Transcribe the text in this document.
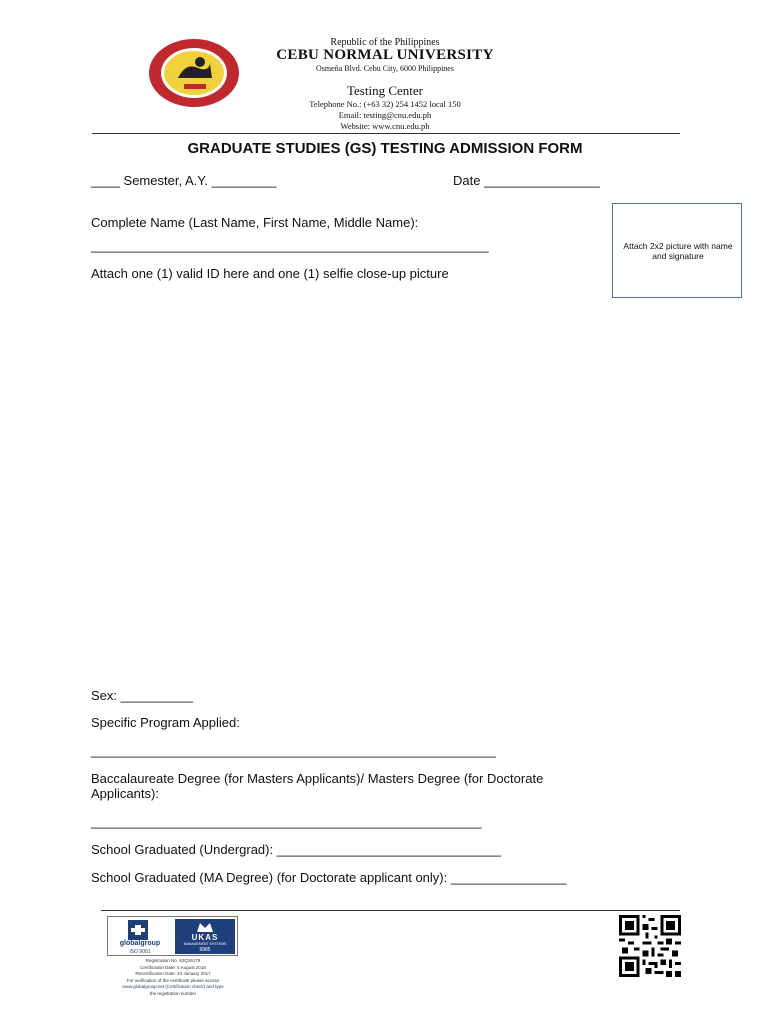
Republic of the Philippines
CEBU NORMAL UNIVERSITY
Osmeña Blvd. Cebu City, 6000 Philippines
Testing Center
Telephone No.: (+63 32) 254 1452 local 150
Email: testing@cnu.edu.ph
Website: www.cnu.edu.ph
GRADUATE STUDIES (GS) TESTING ADMISSION FORM
____ Semester, A.Y. _________	Date ________________
Complete Name (Last Name, First Name, Middle Name):
_______________________________________________________
Attach one (1) valid ID here and one (1) selfie close-up picture
Attach 2x2 picture with name and signature
Sex: __________
Specific Program Applied:
________________________________________________________
Baccalaureate Degree (for Masters Applicants)/ Masters Degree (for Doctorate
Applicants):
______________________________________________________
School Graduated (Undergrad): _______________________________
School Graduated (MA Degree) (for Doctorate applicant only): ________________
globalgroup
ISO 9001
UKAS
MANAGEMENT SYSTEMS
9985
Registration No. 52Q16179
Certification Date: 5 August 2016
Recertification Date: 24 January 2017
For verification of the certificate please access
www.globalgroup.net (Certification check) and type
the registration number
